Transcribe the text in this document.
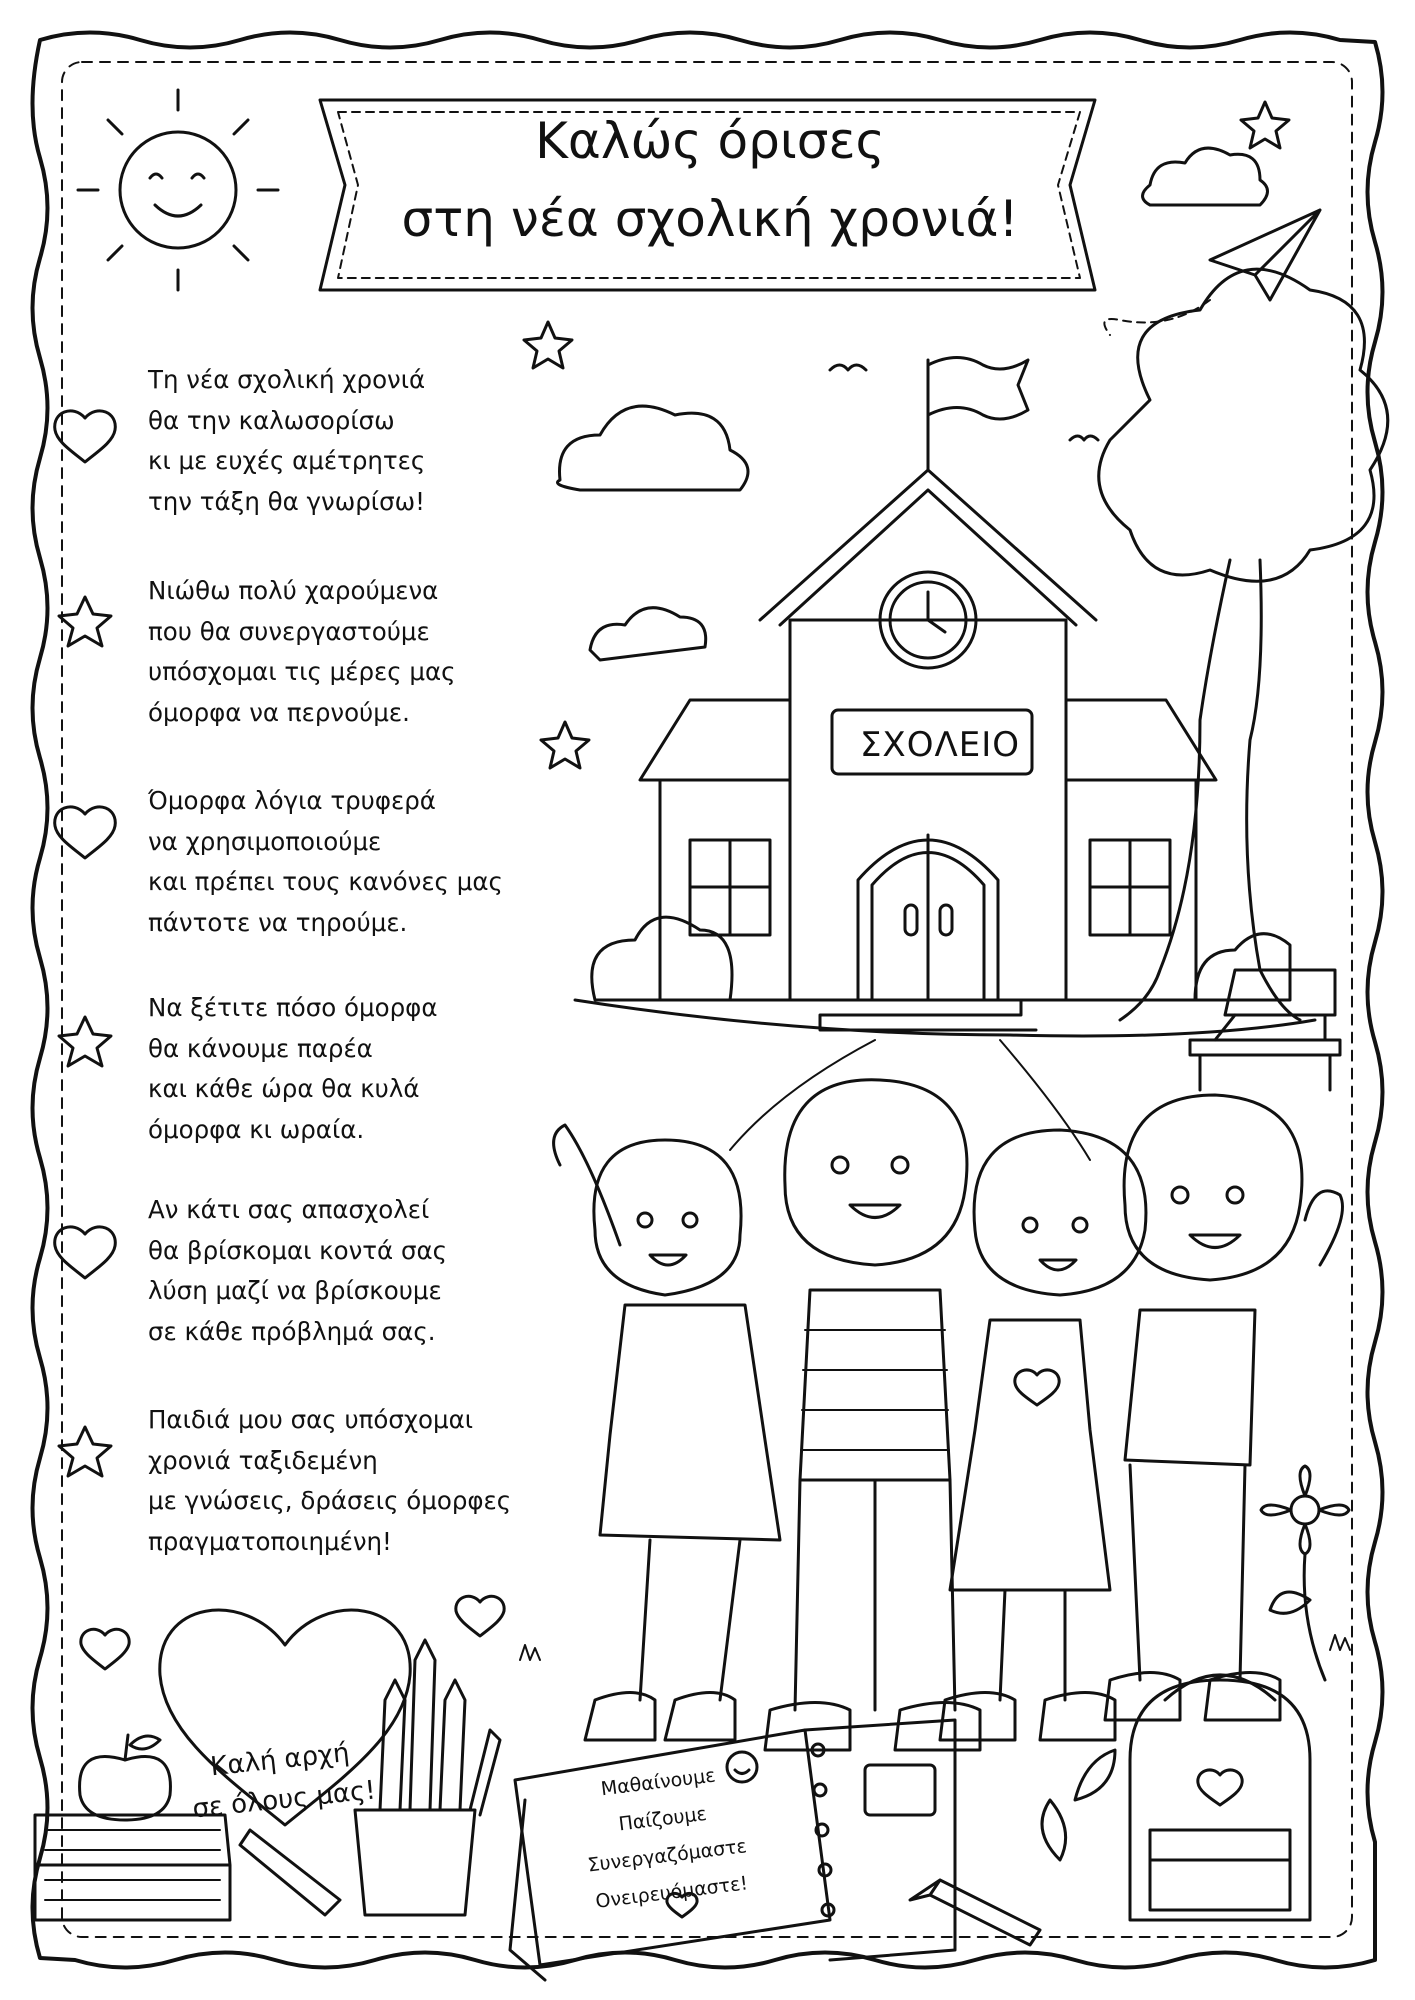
Καλώς όρισες
στη νέα σχολική χρονιά!
Τη νέα σχολική χρονιά
θα την καλωσορίσω
κι με ευχές αμέτρητες
την τάξη θα γνωρίσω!
Νιώθω πολύ χαρούμενα
που θα συνεργαστούμε
υπόσχομαι τις μέρες μας
όμορφα να περνούμε.
Όμορφα λόγια τρυφερά
να χρησιμοποιούμε
και πρέπει τους κανόνες μας
πάντοτε να τηρούμε.
Να ξέτιτε πόσο όμορφα
θα κάνουμε παρέα
και κάθε ώρα θα κυλά
όμορφα κι ωραία.
Αν κάτι σας απασχολεί
θα βρίσκομαι κοντά σας
λύση μαζί να βρίσκουμε
σε κάθε πρόβλημά σας.
Παιδιά μου σας υπόσχομαι
χρονιά ταξιδεμένη
με γνώσεις, δράσεις όμορφες
πραγματοποιημένη!
Καλή αρχή
σε όλους μας!
ΣΧΟΛΕΙΟ
Μαθαίνουμε
Παίζουμε
Συνεργαζόμαστε
Ονειρευόμαστε!
